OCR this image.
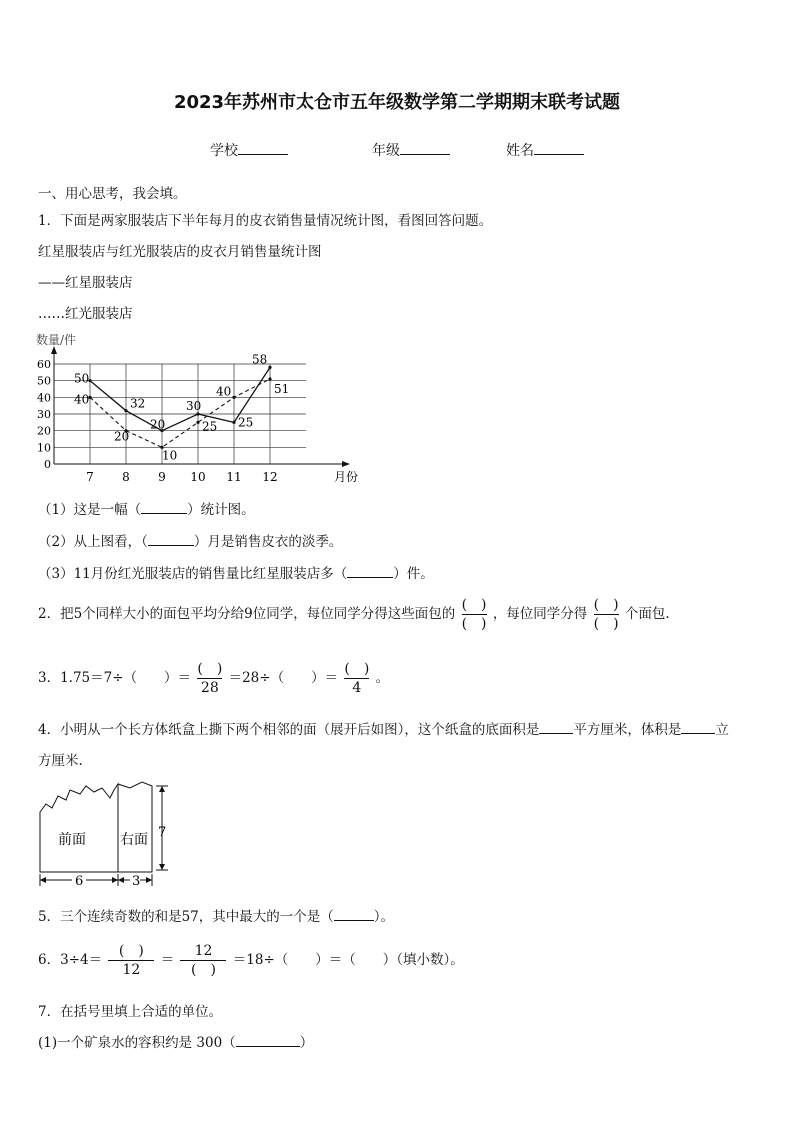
2023年苏州市太仓市五年级数学第二学期期末联考试题
学校	年级	姓名
一、用心思考，我会填。
1．下面是两家服装店下半年每月的皮衣销售量情况统计图，看图回答问题。
红星服装店与红光服装店的皮衣月销售量统计图
——红星服装店
……红光服装店
0
10
20
30
40
50
60
数量/件
月份
7 8 9 10 11 12
50
32
20
30
25
58
40
20
10
25
40	51
（1）这是一幅（	）统计图。
（2）从上图看，（	）月是销售皮衣的淡季。
（3）11月份红光服装店的销售量比红星服装店多（	）件。
2．把5个同样大小的面包平均分给9位同学，每位同学分得这些面包的 $\frac{( )}{( )}$ ，每位同学分得 $\frac{( )}{( )}$ 个面包.
3．1.75＝7÷（　　）＝ $\frac{( )}{28} =28\div$（　　）＝ $\frac{( )}{4}$ 。
4．小明从一个长方体纸盒上撕下两个相邻的面（展开后如图），这个纸盒的底面积是	平方厘米，体积是	立
方厘米.
前面 右面 7
6	3
5．三个连续奇数的和是57，其中最大的一个是（	）。
6．$3\div 4= \frac{( )}{12} = \frac{12}{( )} =18\div$（　　）＝（　　）（填小数）。
7．在括号里填上合适的单位。
(1)一个矿泉水的容积约是 300（	）
